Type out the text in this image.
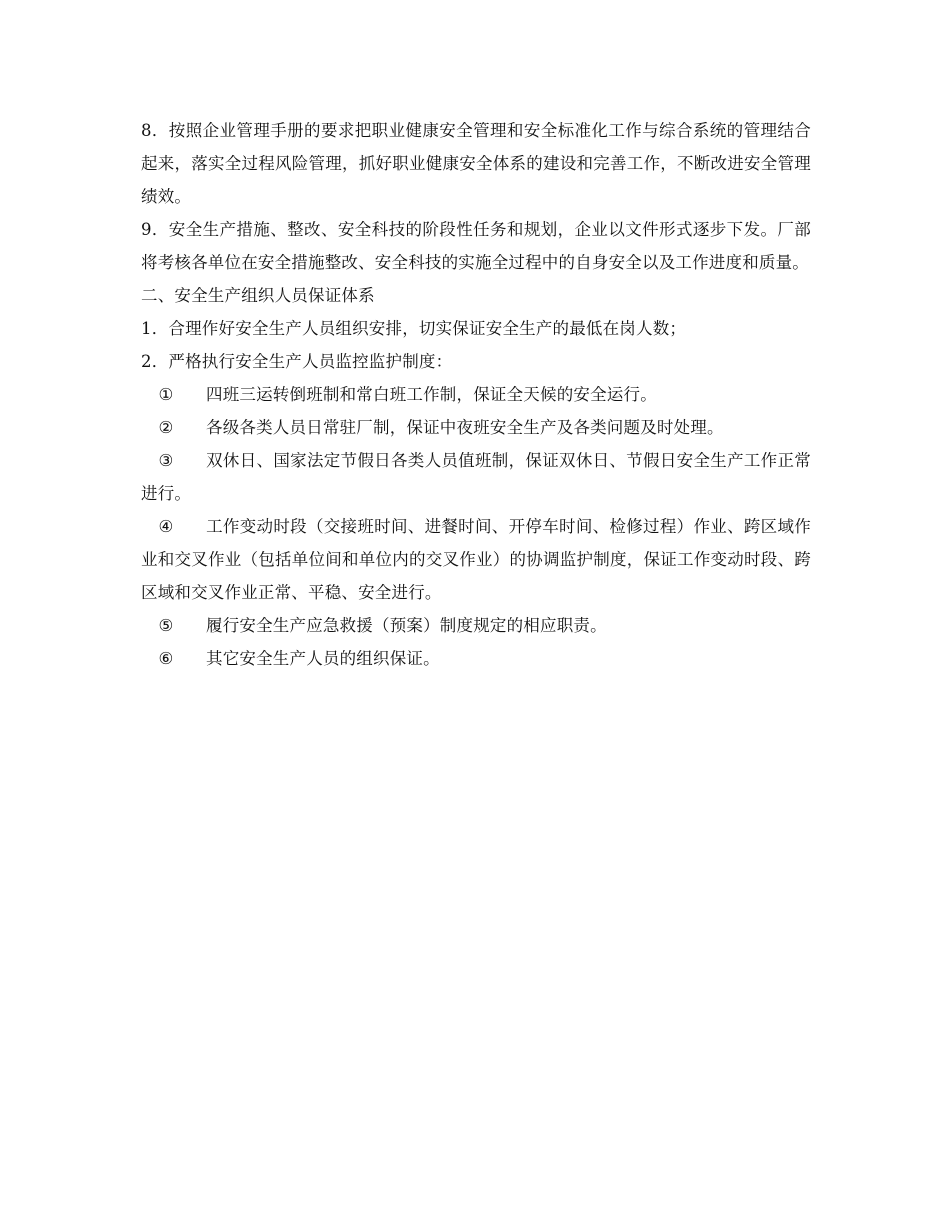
8．按照企业管理手册的要求把职业健康安全管理和安全标准化工作与综合系统的管理结合起来，落实全过程风险管理，抓好职业健康安全体系的建设和完善工作，不断改进安全管理绩效。

9．安全生产措施、整改、安全科技的阶段性任务和规划，企业以文件形式逐步下发。厂部将考核各单位在安全措施整改、安全科技的实施全过程中的自身安全以及工作进度和质量。

二、安全生产组织人员保证体系

1．合理作好安全生产人员组织安排，切实保证安全生产的最低在岗人数；

2．严格执行安全生产人员监控监护制度：

① 四班三运转倒班制和常白班工作制，保证全天候的安全运行。

② 各级各类人员日常驻厂制，保证中夜班安全生产及各类问题及时处理。

③ 双休日、国家法定节假日各类人员值班制，保证双休日、节假日安全生产工作正常进行。

④ 工作变动时段（交接班时间、进餐时间、开停车时间、检修过程）作业、跨区域作业和交叉作业（包括单位间和单位内的交叉作业）的协调监护制度，保证工作变动时段、跨区域和交叉作业正常、平稳、安全进行。

⑤ 履行安全生产应急救援（预案）制度规定的相应职责。

⑥ 其它安全生产人员的组织保证。
